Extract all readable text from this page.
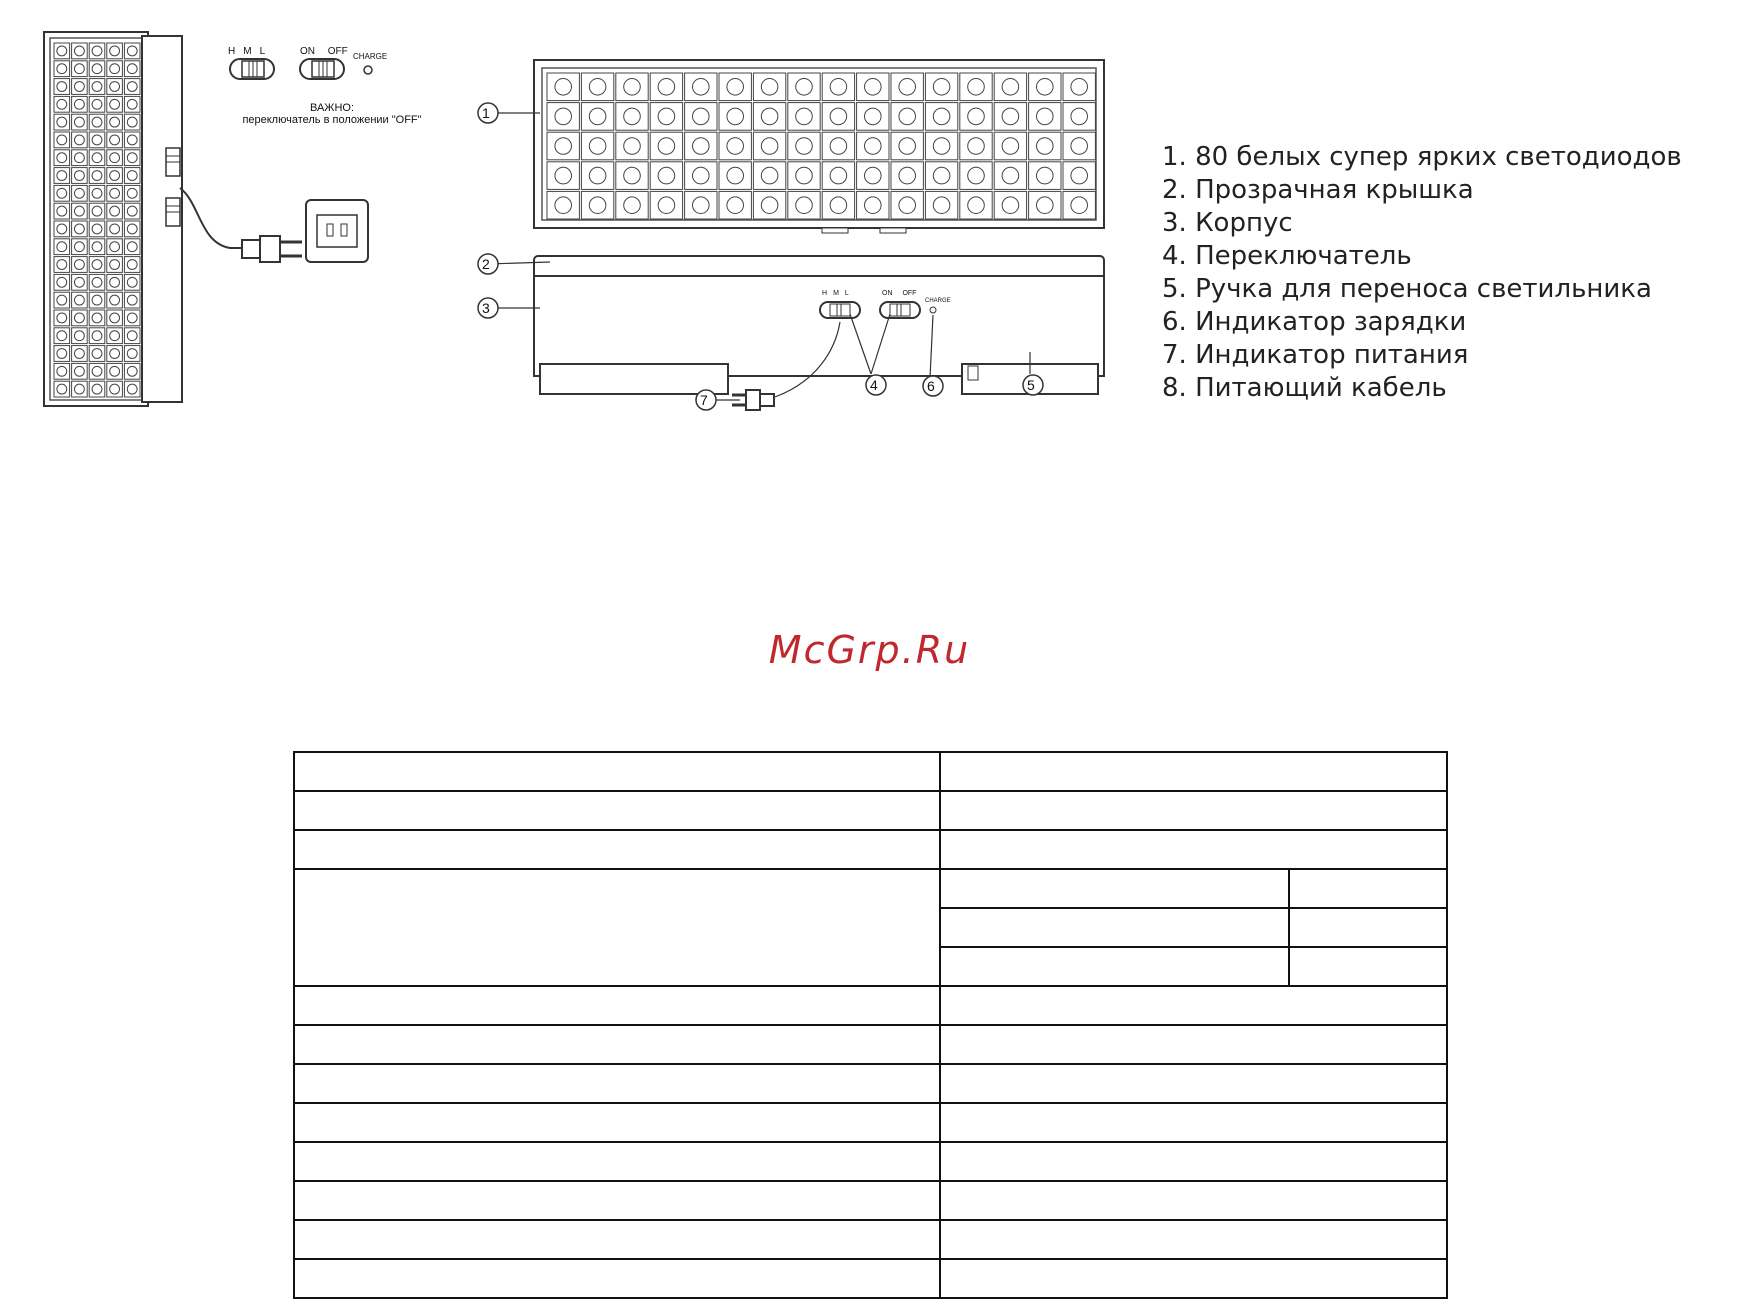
HML	ON OFF CHARGE
ВАЖНО:
переключатель в положении "OFF"	1
2
3
4	6	5
7
HML	ON OFF
CHARGE
1. 80 белых супер ярких светодиодов
2. Прозрачная крышка
3. Корпус
4. Переключатель
5. Ручка для переноса светильника
6. Индикатор зарядки
7. Индикатор питания
8. Питающий кабель
McGrp.Ru
